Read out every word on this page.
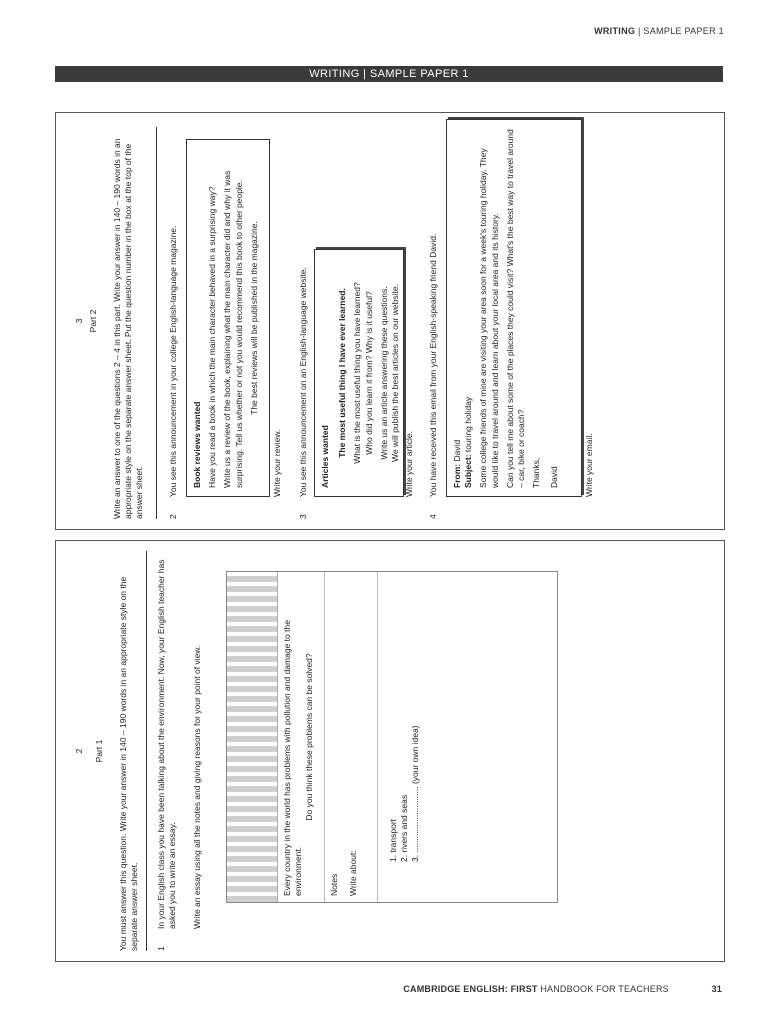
WRITING | SAMPLE PAPER 1
WRITING | SAMPLE PAPER 1
3 Part 2 Write an answer to one of the questions 2 – 4 in this part. Write your answer in 140 – 190 words in an appropriate style on the separate answer sheet. Put the question number in the box at the top of the answer sheet.	2
You see this announcement in your college English-language magazine. Book reviews wanted Have you read a book in which the main character behaved in a surprising way? Write us a review of the book, explaining what the main character did and why it was surprising. Tell us whether or not you would recommend this book to other people. The best reviews will be published in the magazine.
Write your review.
3
You see this announcement on an English-language website. Articles wanted The most useful thing I have ever learned. What is the most useful thing you have learned? Who did you learn it from? Why is it useful? Write us an article answering these questions. We will publish the best articles on our website.
Write your article.
4
You have received this email from your English-speaking friend David. From: David
Subject: touring holiday Some college friends of mine are visiting your area soon for a week's touring holiday. They would like to travel around and learn about your local area and its history. Can you tell me about some of the places they could visit? What's the best way to travel around – car, bike or coach? Thanks, David	Write your email.
2 Part 1 You must answer this question. Write your answer in 140 – 190 words in an appropriate style on the separate answer sheet. 1
In your English class you have been talking about the environment. Now, your English teacher has asked you to write an essay. Write an essay using all the notes and giving reasons for your point of view.	Every country in the world has problems with pollution and damage to the environment.
Do you think these problems can be solved?
Notes Write about:	1. transport
2. rivers and seas
3. ............................ (your own idea)
CAMBRIDGE ENGLISH: FIRST HANDBOOK FOR TEACHERS	31
